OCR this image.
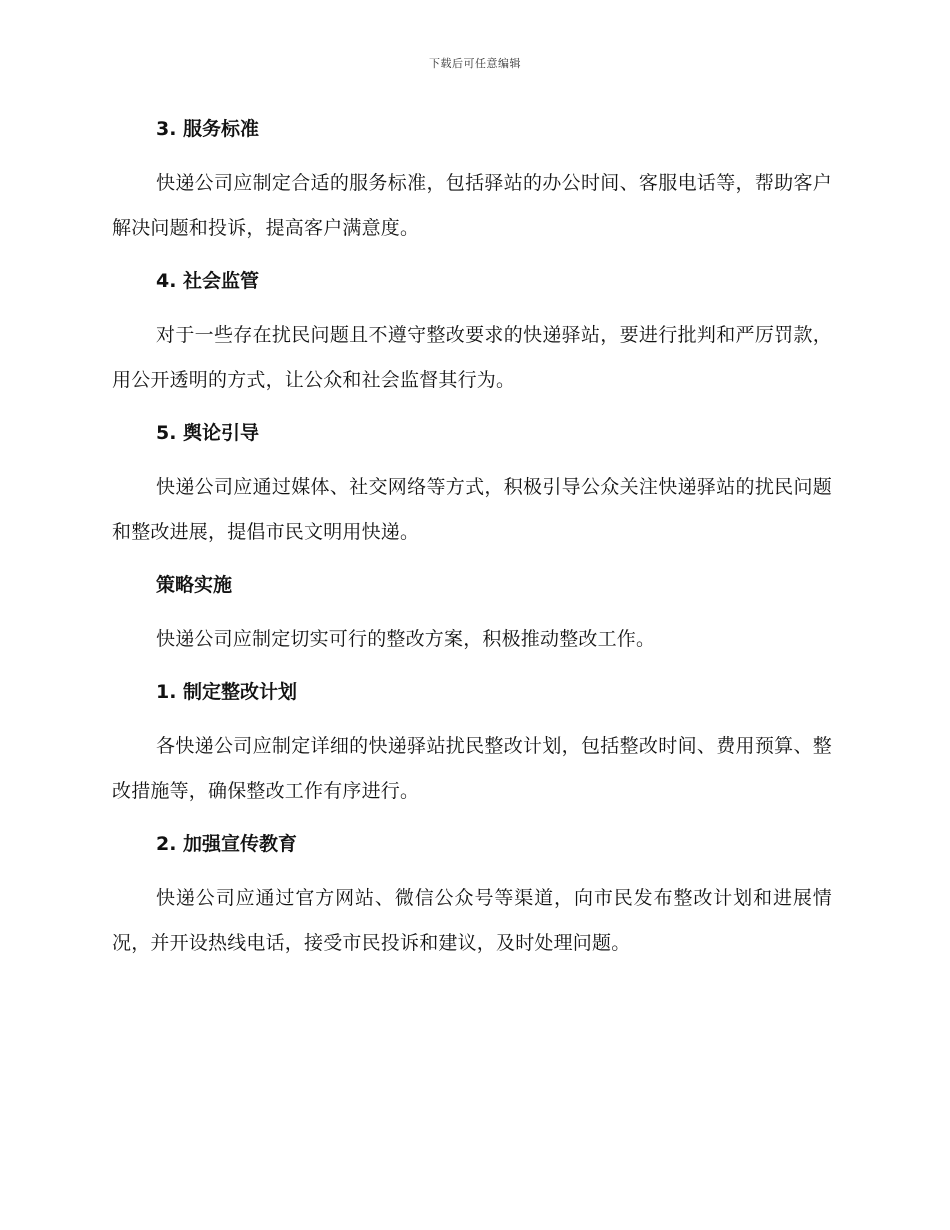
下载后可任意编辑
3. 服务标准

快递公司应制定合适的服务标准，包括驿站的办公时间、客服电话等，帮助客户解决问题和投诉，提高客户满意度。

4. 社会监管

对于一些存在扰民问题且不遵守整改要求的快递驿站，要进行批判和严厉罚款，用公开透明的方式，让公众和社会监督其行为。

5. 舆论引导

快递公司应通过媒体、社交网络等方式，积极引导公众关注快递驿站的扰民问题和整改进展，提倡市民文明用快递。

策略实施

快递公司应制定切实可行的整改方案，积极推动整改工作。

1. 制定整改计划

各快递公司应制定详细的快递驿站扰民整改计划，包括整改时间、费用预算、整改措施等，确保整改工作有序进行。

2. 加强宣传教育

快递公司应通过官方网站、微信公众号等渠道，向市民发布整改计划和进展情况，并开设热线电话，接受市民投诉和建议，及时处理问题。
